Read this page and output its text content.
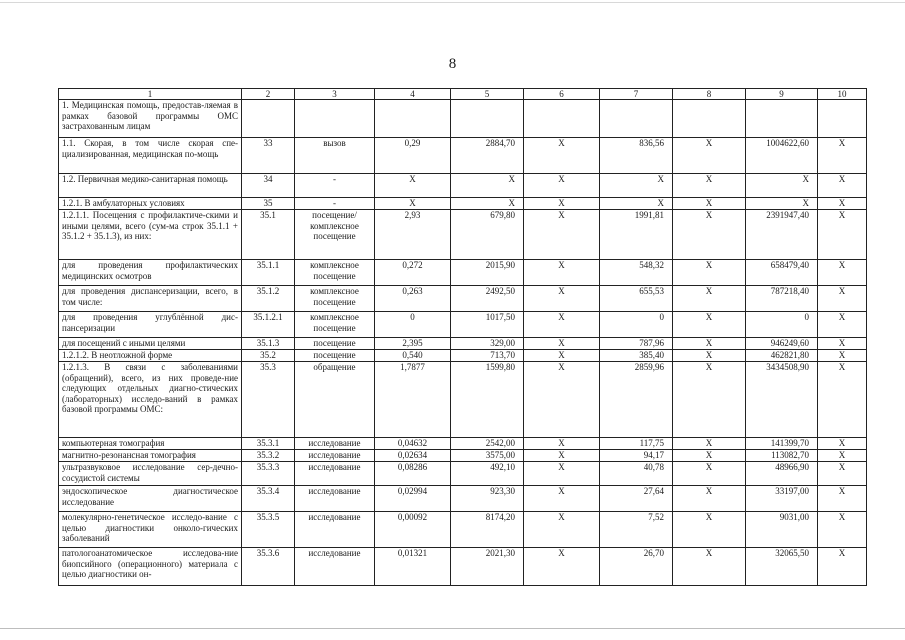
8
1	2	3	4	5	6	7	8	9	10
1. Медицинская помощь, предостав-ляемая в рамках базовой программы ОМС застрахованным лицам									
1.1. Скорая, в том числе скорая спе-циализированная, медицинская по-мощь	33	вызов	0,29	2884,70	Х	836,56	Х	1004622,60	Х
1.2. Первичная медико-санитарная помощь	34	-	Х	Х	Х	Х	Х	Х	Х
1.2.1. В амбулаторных условиях	35	-	Х	Х	Х	Х	Х	Х	Х
1.2.1.1. Посещения с профилактиче-скими и иными целями, всего (сум-ма строк 35.1.1 + 35.1.2 + 35.1.3), из них:	35.1	посещение/ комплексное посещение	2,93	679,80	Х	1991,81	Х	2391947,40	Х
для проведения профилактических медицинских осмотров	35.1.1	комплексное посещение	0,272	2015,90	Х	548,32	Х	658479,40	Х
для проведения диспансеризации, всего, в том числе:	35.1.2	комплексное посещение	0,263	2492,50	Х	655,53	Х	787218,40	Х
для проведения углублённой дис-пансеризации	35.1.2.1	комплексное посещение	0	1017,50	Х	0	Х	0	Х
для посещений с иными целями	35.1.3	посещение	2,395	329,00	Х	787,96	Х	946249,60	Х
1.2.1.2. В неотложной форме	35.2	посещение	0,540	713,70	Х	385,40	Х	462821,80	Х
1.2.1.3. В связи с заболеваниями (обращений), всего, из них проведе-ние следующих отдельных диагно-стических (лабораторных) исследо-ваний в рамках базовой программы ОМС:	35.3	обращение	1,7877	1599,80	Х	2859,96	Х	3434508,90	Х
компьютерная томография	35.3.1	исследование	0,04632	2542,00	Х	117,75	Х	141399,70	Х
магнитно-резонансная томография	35.3.2	исследование	0,02634	3575,00	Х	94,17	Х	113082,70	Х
ультразвуковое исследование сер-дечно-сосудистой системы	35.3.3	исследование	0,08286	492,10	Х	40,78	Х	48966,90	Х
эндоскопическое диагностическое исследование	35.3.4	исследование	0,02994	923,30	Х	27,64	Х	33197,00	Х
молекулярно-генетическое исследо-вание с целью диагностики онколо-гических заболеваний	35.3.5	исследование	0,00092	8174,20	Х	7,52	Х	9031,00	Х
патологоанатомическое исследова-ние биопсийного (операционного) материала с целью диагностики он-	35.3.6	исследование	0,01321	2021,30	Х	26,70	Х	32065,50	Х
